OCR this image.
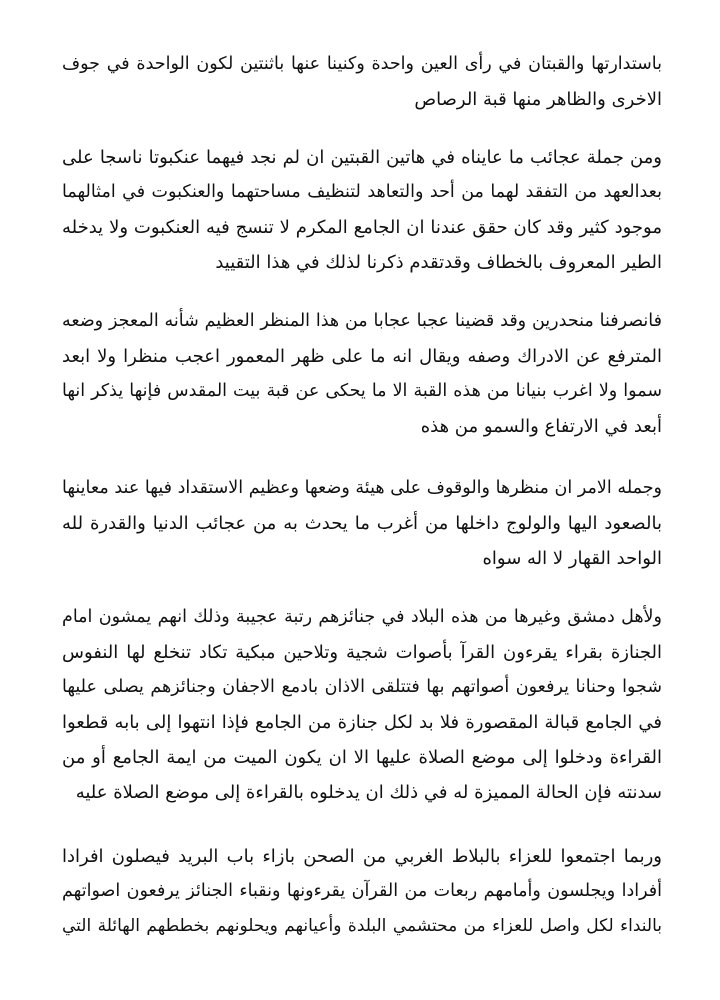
باستدارتها والقبتان في رأى العين واحدة وكنينا عنها باثنتين لكون الواحدة في جوف
الاخرى والظاهر منها قبة الرصاص
ومن جملة عجائب ما عايناه في هاتين القبتين ان لم نجد فيهما عنكبوتا ناسجا على
بعدالعهد من التفقد لهما من أحد والتعاهد لتنظيف مساحتهما والعنكبوت في امثالهما
موجود كثير وقد كان حقق عندنا ان الجامع المكرم لا تنسج فيه العنكبوت ولا يدخله
الطير المعروف بالخطاف وقدتقدم ذكرنا لذلك في هذا التقييد
فانصرفنا منحدرين وقد قضينا عجبا عجابا من هذا المنظر العظيم شأنه المعجز وضعه
المترفع عن الادراك وصفه ويقال انه ما على ظهر المعمور اعجب منظرا ولا ابعد
سموا ولا اغرب بنيانا من هذه القبة الا ما يحكى عن قبة بيت المقدس فإنها يذكر انها
أبعد في الارتفاع والسمو من هذه
وجمله الامر ان منظرها والوقوف على هيئة وضعها وعظيم الاستقداد فيها عند معاينها
بالصعود اليها والولوج داخلها من أغرب ما يحدث به من عجائب الدنيا والقدرة لله
الواحد القهار لا اله سواه
ولأهل دمشق وغيرها من هذه البلاد في جنائزهم رتبة عجيبة وذلك انهم يمشون امام
الجنازة بقراء يقرءون القرآ بأصوات شجية وتلاحين مبكية تكاد تنخلع لها النفوس
شجوا وحنانا يرفعون أصواتهم بها فتتلقى الاذان بادمع الاجفان وجنائزهم يصلى عليها
في الجامع قبالة المقصورة فلا بد لكل جنازة من الجامع فإذا انتهوا إلى بابه قطعوا
القراءة ودخلوا إلى موضع الصلاة عليها الا ان يكون الميت من ايمة الجامع أو من
سدنته فإن الحالة المميزة له في ذلك ان يدخلوه بالقراءة إلى موضع الصلاة عليه
وربما اجتمعوا للعزاء بالبلاط الغربي من الصحن بازاء باب البريد فيصلون افرادا
أفرادا ويجلسون وأمامهم ربعات من القرآن يقرءونها ونقباء الجنائز يرفعون اصواتهم
بالنداء لكل واصل للعزاء من محتشمي البلدة وأعيانهم ويحلونهم بخططهم الهائلة التي
